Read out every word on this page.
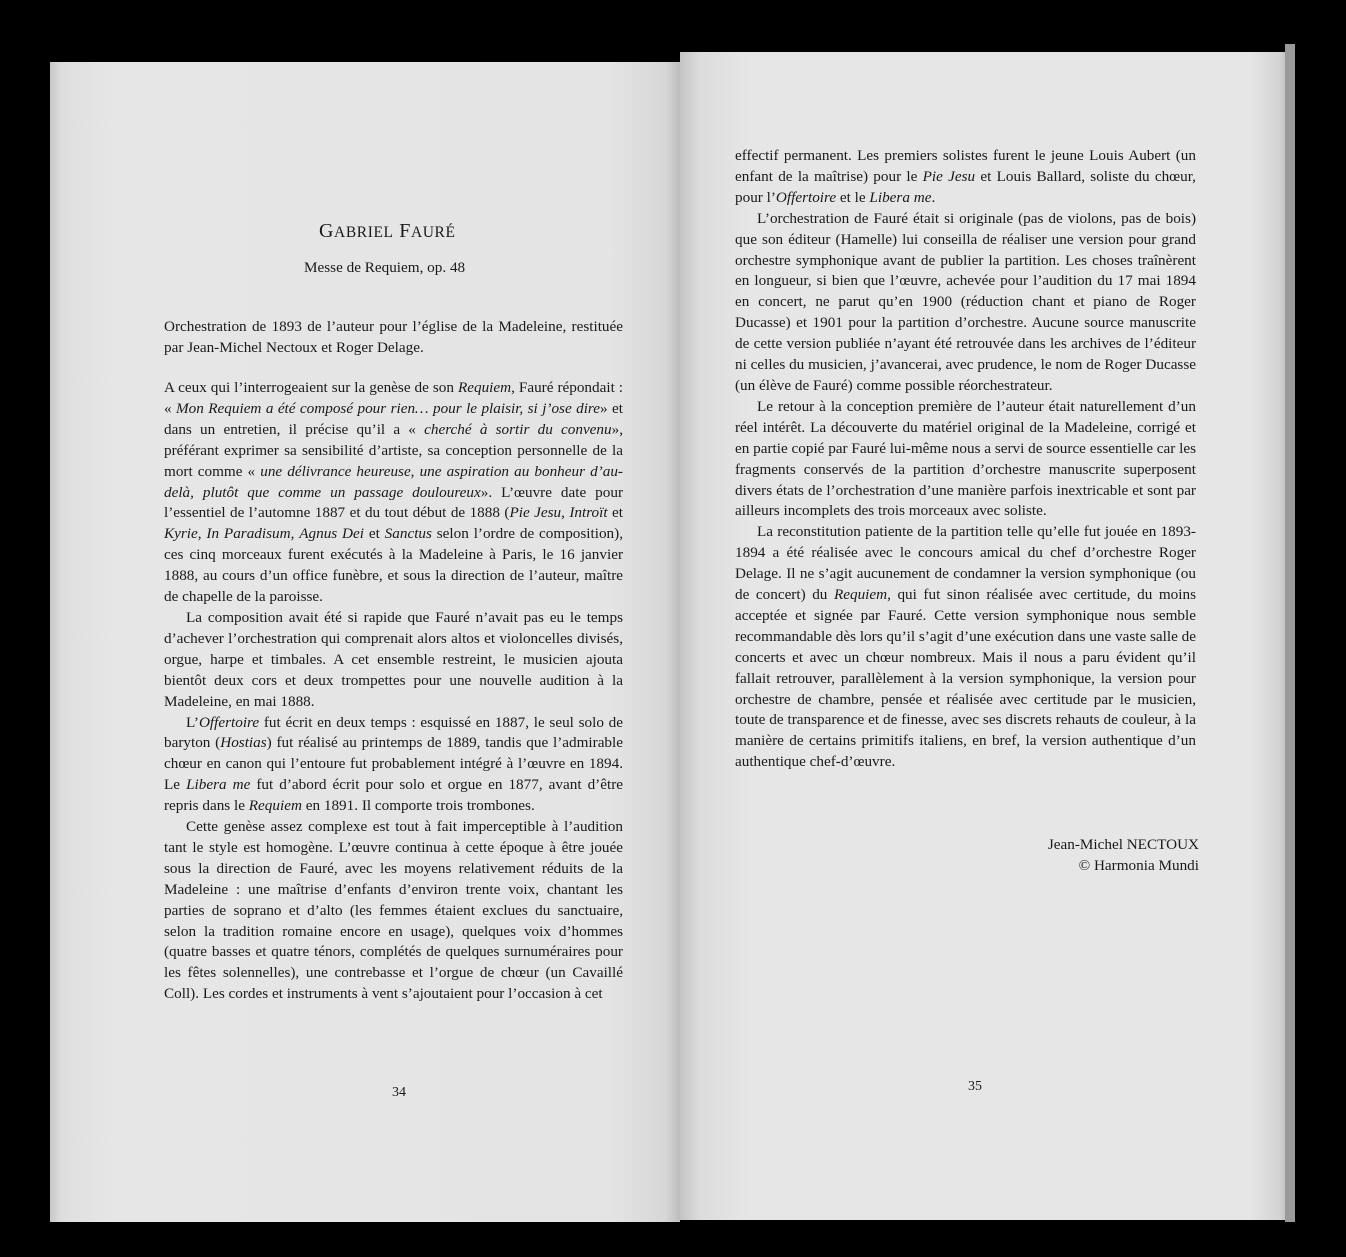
GABRIEL FAURÉ
Messe de Requiem, op. 48
Orchestration de 1893 de l’auteur pour l’église de la Madeleine, restituée par Jean-Michel Nectoux et Roger Delage.

A ceux qui l’interrogeaient sur la genèse de son Requiem, Fauré répondait : « Mon Requiem a été composé pour rien… pour le plaisir, si j’ose dire» et dans un entretien, il précise qu’il a « cherché à sortir du convenu», préférant exprimer sa sensibilité d’artiste, sa conception personnelle de la mort comme « une délivrance heureuse, une aspiration au bonheur d’au-delà, plutôt que comme un passage douloureux». L’œuvre date pour l’essentiel de l’automne 1887 et du tout début de 1888 (Pie Jesu, Introït et Kyrie, In Paradisum, Agnus Dei et Sanctus selon l’ordre de composition), ces cinq morceaux furent exécutés à la Madeleine à Paris, le 16 janvier 1888, au cours d’un office funèbre, et sous la direction de l’auteur, maître de chapelle de la paroisse.

La composition avait été si rapide que Fauré n’avait pas eu le temps d’achever l’orchestration qui comprenait alors altos et violoncelles divisés, orgue, harpe et timbales. A cet ensemble restreint, le musicien ajouta bientôt deux cors et deux trompettes pour une nouvelle audition à la Madeleine, en mai 1888.

L’Offertoire fut écrit en deux temps : esquissé en 1887, le seul solo de baryton (Hostias) fut réalisé au printemps de 1889, tandis que l’admirable chœur en canon qui l’entoure fut probablement intégré à l’œuvre en 1894. Le Libera me fut d’abord écrit pour solo et orgue en 1877, avant d’être repris dans le Requiem en 1891. Il comporte trois trombones.

Cette genèse assez complexe est tout à fait imperceptible à l’audition tant le style est homogène. L’œuvre continua à cette époque à être jouée sous la direction de Fauré, avec les moyens relativement réduits de la Madeleine : une maîtrise d’enfants d’environ trente voix, chantant les parties de soprano et d’alto (les femmes étaient exclues du sanctuaire, selon la tradition romaine encore en usage), quelques voix d’hommes (quatre basses et quatre ténors, complétés de quelques surnuméraires pour les fêtes solennelles), une contrebasse et l’orgue de chœur (un Cavaillé Coll). Les cordes et instruments à vent s’ajoutaient pour l’occasion à cet

34

effectif permanent. Les premiers solistes furent le jeune Louis Aubert (un enfant de la maîtrise) pour le Pie Jesu et Louis Ballard, soliste du chœur, pour l’Offertoire et le Libera me.

L’orchestration de Fauré était si originale (pas de violons, pas de bois) que son éditeur (Hamelle) lui conseilla de réaliser une version pour grand orchestre symphonique avant de publier la partition. Les choses traînèrent en longueur, si bien que l’œuvre, achevée pour l’audition du 17 mai 1894 en concert, ne parut qu’en 1900 (réduction chant et piano de Roger Ducasse) et 1901 pour la partition d’orchestre. Aucune source manuscrite de cette version publiée n’ayant été retrouvée dans les archives de l’éditeur ni celles du musicien, j’avancerai, avec prudence, le nom de Roger Ducasse (un élève de Fauré) comme possible réorchestrateur.

Le retour à la conception première de l’auteur était naturellement d’un réel intérêt. La découverte du matériel original de la Madeleine, corrigé et en partie copié par Fauré lui-même nous a servi de source essentielle car les fragments conservés de la partition d’orchestre manuscrite superposent divers états de l’orchestration d’une manière parfois inextricable et sont par ailleurs incomplets des trois morceaux avec soliste.

La reconstitution patiente de la partition telle qu’elle fut jouée en 1893-1894 a été réalisée avec le concours amical du chef d’orchestre Roger Delage. Il ne s’agit aucunement de condamner la version symphonique (ou de concert) du Requiem, qui fut sinon réalisée avec certitude, du moins acceptée et signée par Fauré. Cette version symphonique nous semble recommandable dès lors qu’il s’agit d’une exécution dans une vaste salle de concerts et avec un chœur nombreux. Mais il nous a paru évident qu’il fallait retrouver, parallèlement à la version symphonique, la version pour orchestre de chambre, pensée et réalisée avec certitude par le musicien, toute de transparence et de finesse, avec ses discrets rehauts de couleur, à la manière de certains primitifs italiens, en bref, la version authentique d’un authentique chef-d’œuvre.

Jean-Michel NECTOUX
© Harmonia Mundi
35
